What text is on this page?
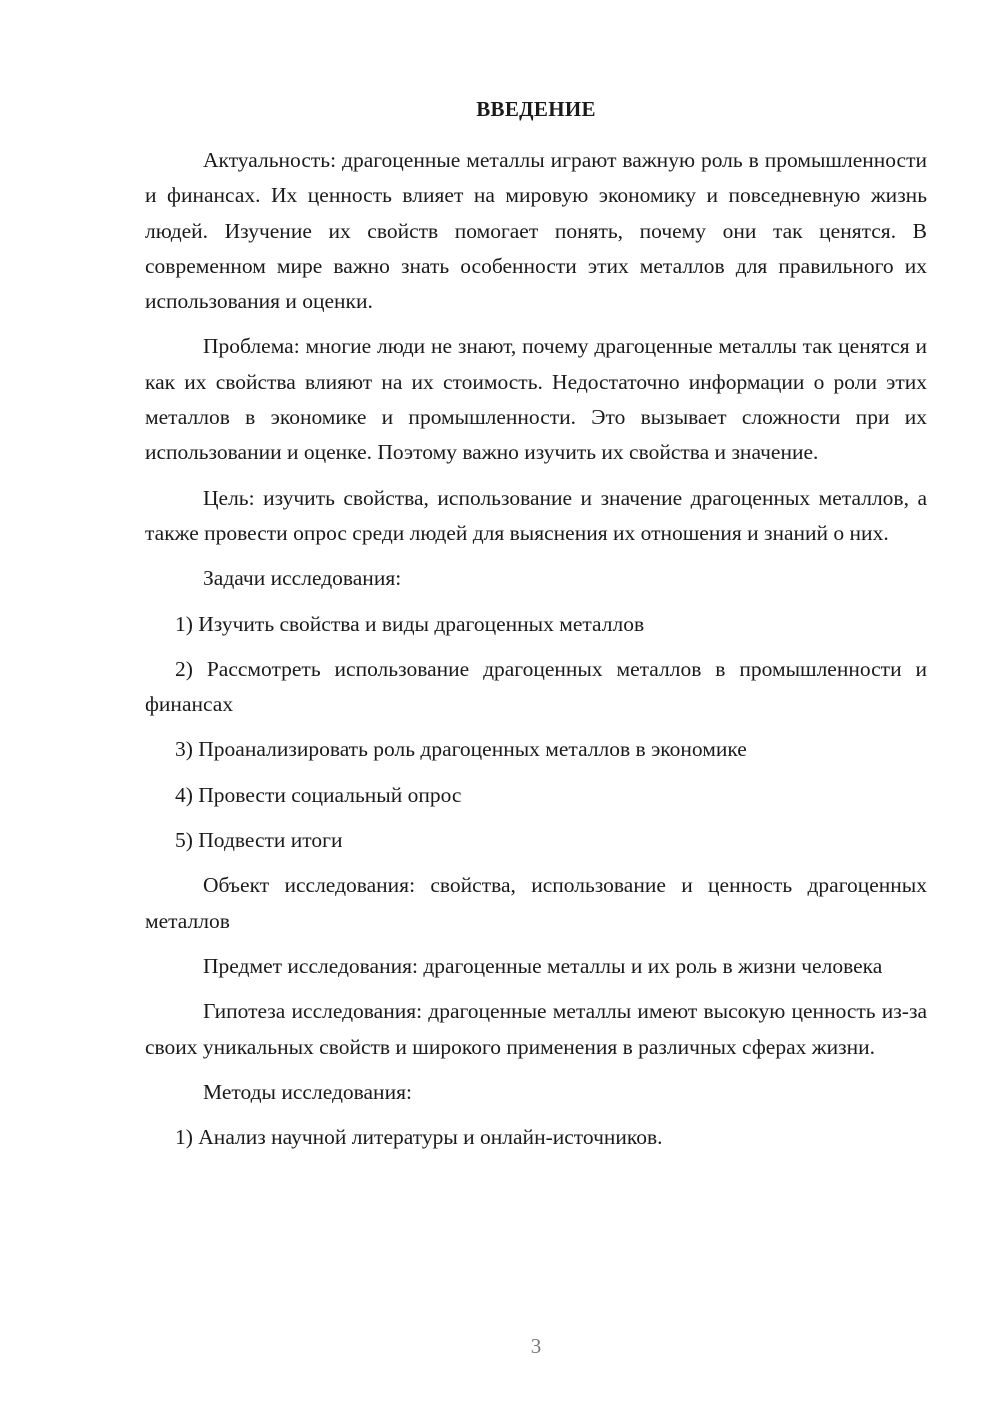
ВВЕДЕНИЕ

Актуальность: драгоценные металлы играют важную роль в промышленности и финансах. Их ценность влияет на мировую экономику и повседневную жизнь людей. Изучение их свойств помогает понять, почему они так ценятся. В современном мире важно знать особенности этих металлов для правильного их использования и оценки.

Проблема: многие люди не знают, почему драгоценные металлы так ценятся и как их свойства влияют на их стоимость. Недостаточно информации о роли этих металлов в экономике и промышленности. Это вызывает сложности при их использовании и оценке. Поэтому важно изучить их свойства и значение.

Цель: изучить свойства, использование и значение драгоценных металлов, а также провести опрос среди людей для выяснения их отношения и знаний о них.

Задачи исследования:

1) Изучить свойства и виды драгоценных металлов

2) Рассмотреть использование драгоценных металлов в промышленности и финансах

3) Проанализировать роль драгоценных металлов в экономике

4) Провести социальный опрос

5) Подвести итоги

Объект исследования: свойства, использование и ценность драгоценных металлов

Предмет исследования: драгоценные металлы и их роль в жизни человека

Гипотеза исследования: драгоценные металлы имеют высокую ценность из-за своих уникальных свойств и широкого применения в различных сферах жизни.

Методы исследования:

1) Анализ научной литературы и онлайн-источников.

3
